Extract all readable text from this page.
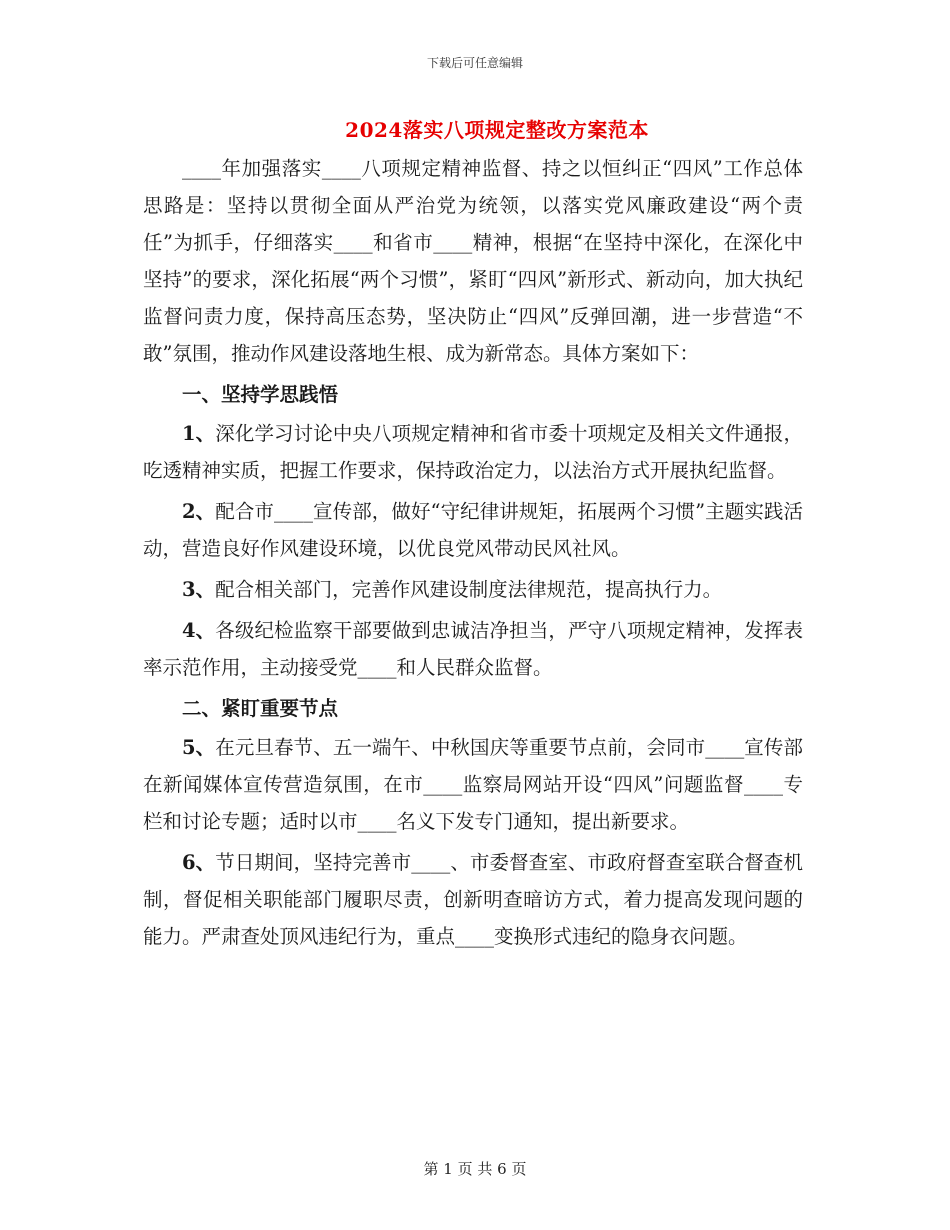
下载后可任意编辑
2024落实八项规定整改方案范本

____年加强落实____八项规定精神监督、持之以恒纠正“四风”工作总体思路是：坚持以贯彻全面从严治党为统领，以落实党风廉政建设“两个责任”为抓手，仔细落实____和省市____精神，根据“在坚持中深化，在深化中坚持”的要求，深化拓展“两个习惯”，紧盯“四风”新形式、新动向，加大执纪监督问责力度，保持高压态势，坚决防止“四风”反弹回潮，进一步营造“不敢”氛围，推动作风建设落地生根、成为新常态。具体方案如下：

一、坚持学思践悟

1、深化学习讨论中央八项规定精神和省市委十项规定及相关文件通报，吃透精神实质，把握工作要求，保持政治定力，以法治方式开展执纪监督。

2、配合市____宣传部，做好“守纪律讲规矩，拓展两个习惯”主题实践活动，营造良好作风建设环境，以优良党风带动民风社风。

3、配合相关部门，完善作风建设制度法律规范，提高执行力。

4、各级纪检监察干部要做到忠诚洁净担当，严守八项规定精神，发挥表率示范作用，主动接受党____和人民群众监督。

二、紧盯重要节点

5、在元旦春节、五一端午、中秋国庆等重要节点前，会同市____宣传部在新闻媒体宣传营造氛围，在市____监察局网站开设“四风”问题监督____专栏和讨论专题；适时以市____名义下发专门通知，提出新要求。

6、节日期间，坚持完善市____、市委督查室、市政府督查室联合督查机制，督促相关职能部门履职尽责，创新明查暗访方式，着力提高发现问题的能力。严肃查处顶风违纪行为，重点____变换形式违纪的隐身衣问题。

第 1 页 共 6 页
